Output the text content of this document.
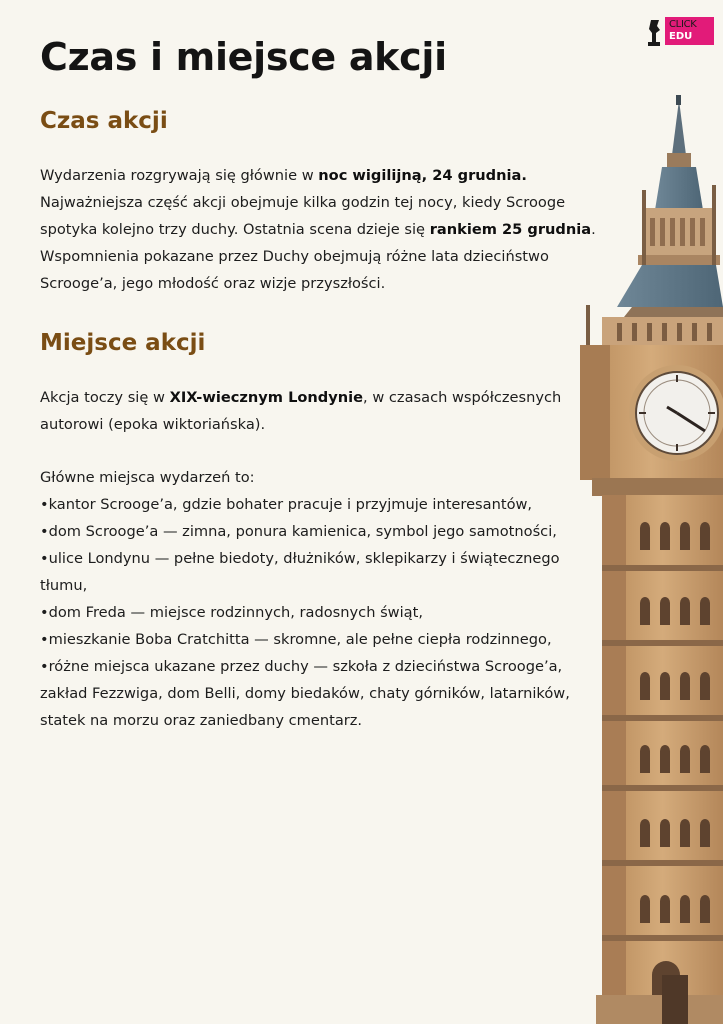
CLICK
EDU
Czas i miejsce akcji
Czas akcji

Wydarzenia rozgrywają się głównie w noc wigilijną, 24 grudnia. Najważniejsza część akcji obejmuje kilka godzin tej nocy, kiedy Scrooge spotyka kolejno trzy duchy. Ostatnia scena dzieje się rankiem 25 grudnia. Wspomnienia pokazane przez Duchy obejmują różne lata dzieciństwo Scrooge’a, jego młodość oraz wizje przyszłości.

Miejsce akcji

Akcja toczy się w XIX-wiecznym Londynie, w czasach współczesnych autorowi (epoka wiktoriańska).

Główne miejsca wydarzeń to:
•kantor Scrooge’a, gdzie bohater pracuje i przyjmuje interesantów,
•dom Scrooge’a — zimna, ponura kamienica, symbol jego samotności,
•ulice Londynu — pełne biedoty, dłużników, sklepikarzy i świątecznego tłumu,
•dom Freda — miejsce rodzinnych, radosnych świąt,
•mieszkanie Boba Cratchitta — skromne, ale pełne ciepła rodzinnego,
•różne miejsca ukazane przez duchy — szkoła z dzieciństwa Scrooge’a, zakład Fezzwiga, dom Belli, domy biedaków, chaty górników, latarników, statek na morzu oraz zaniedbany cmentarz.
